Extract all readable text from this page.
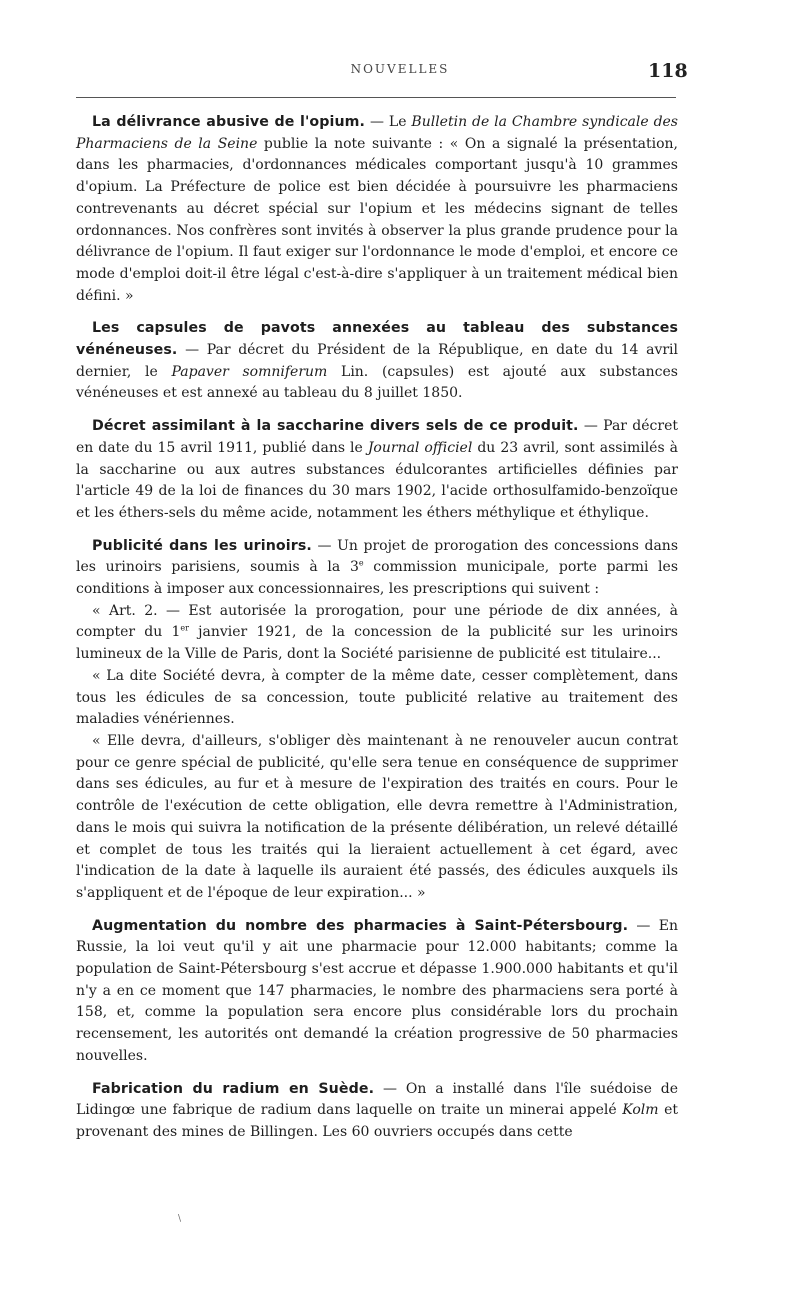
NOUVELLES	118

La délivrance abusive de l'opium. — Le Bulletin de la Chambre syndicale des Pharmaciens de la Seine publie la note suivante : « On a signalé la présentation, dans les pharmacies, d'ordonnances médicales comportant jusqu'à 10 grammes d'opium. La Préfecture de police est bien décidée à poursuivre les pharmaciens contrevenants au décret spécial sur l'opium et les médecins signant de telles ordonnances. Nos confrères sont invités à observer la plus grande prudence pour la délivrance de l'opium. Il faut exiger sur l'ordonnance le mode d'emploi, et encore ce mode d'emploi doit-il être légal c'est-à-dire s'appliquer à un traitement médical bien défini. »

Les capsules de pavots annexées au tableau des substances vénéneuses. — Par décret du Président de la République, en date du 14 avril dernier, le Papaver somniferum Lin. (capsules) est ajouté aux substances vénéneuses et est annexé au tableau du 8 juillet 1850.

Décret assimilant à la saccharine divers sels de ce produit. — Par décret en date du 15 avril 1911, publié dans le Journal officiel du 23 avril, sont assimilés à la saccharine ou aux autres substances édulcorantes artificielles définies par l'article 49 de la loi de finances du 30 mars 1902, l'acide orthosulfamido-benzoïque et les éthers-sels du même acide, notamment les éthers méthylique et éthylique.

Publicité dans les urinoirs. — Un projet de prorogation des concessions dans les urinoirs parisiens, soumis à la 3e commission municipale, porte parmi les conditions à imposer aux concessionnaires, les prescriptions qui suivent :

« Art. 2. — Est autorisée la prorogation, pour une période de dix années, à compter du 1er janvier 1921, de la concession de la publicité sur les urinoirs lumineux de la Ville de Paris, dont la Société parisienne de publicité est titulaire...

« La dite Société devra, à compter de la même date, cesser complètement, dans tous les édicules de sa concession, toute publicité relative au traitement des maladies vénériennes.

« Elle devra, d'ailleurs, s'obliger dès maintenant à ne renouveler aucun contrat pour ce genre spécial de publicité, qu'elle sera tenue en conséquence de supprimer dans ses édicules, au fur et à mesure de l'expiration des traités en cours. Pour le contrôle de l'exécution de cette obligation, elle devra remettre à l'Administration, dans le mois qui suivra la notification de la présente délibération, un relevé détaillé et complet de tous les traités qui la lieraient actuellement à cet égard, avec l'indication de la date à laquelle ils auraient été passés, des édicules auxquels ils s'appliquent et de l'époque de leur expiration... »

Augmentation du nombre des pharmacies à Saint-Pétersbourg. — En Russie, la loi veut qu'il y ait une pharmacie pour 12.000 habitants; comme la population de Saint-Pétersbourg s'est accrue et dépasse 1.900.000 habitants et qu'il n'y a en ce moment que 147 pharmacies, le nombre des pharmaciens sera porté à 158, et, comme la population sera encore plus considérable lors du prochain recensement, les autorités ont demandé la création progressive de 50 pharmacies nouvelles.

Fabrication du radium en Suède. — On a installé dans l'île suédoise de Lidingœ une fabrique de radium dans laquelle on traite un minerai appelé Kolm et provenant des mines de Billingen. Les 60 ouvriers occupés dans cette

\
